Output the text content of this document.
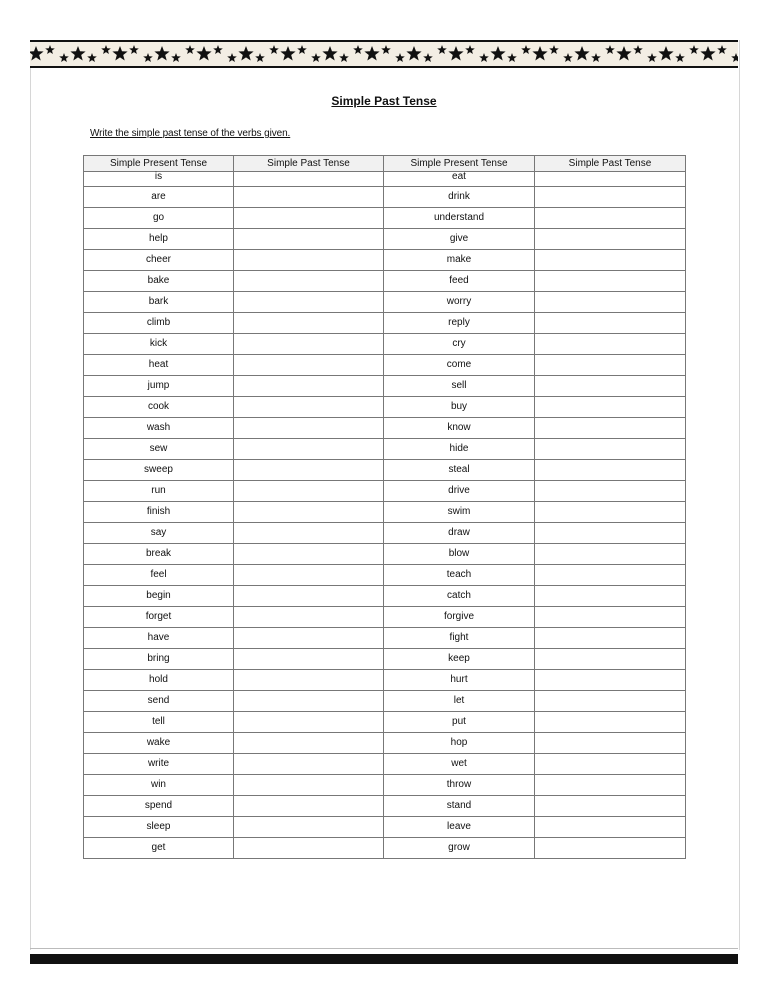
Simple Past Tense
Write the simple past tense of the verbs given.
Simple Present Tense	Simple Past Tense	Simple Present Tense	Simple Past Tense
is		eat	
are		drink	
go		understand	
help		give	
cheer		make	
bake		feed	
bark		worry	
climb		reply	
kick		cry	
heat		come	
jump		sell	
cook		buy	
wash		know	
sew		hide	
sweep		steal	
run		drive	
finish		swim	
say		draw	
break		blow	
feel		teach	
begin		catch	
forget		forgive	
have		fight	
bring		keep	
hold		hurt	
send		let	
tell		put	
wake		hop	
write		wet	
win		throw	
spend		stand	
sleep		leave	
get		grow	
